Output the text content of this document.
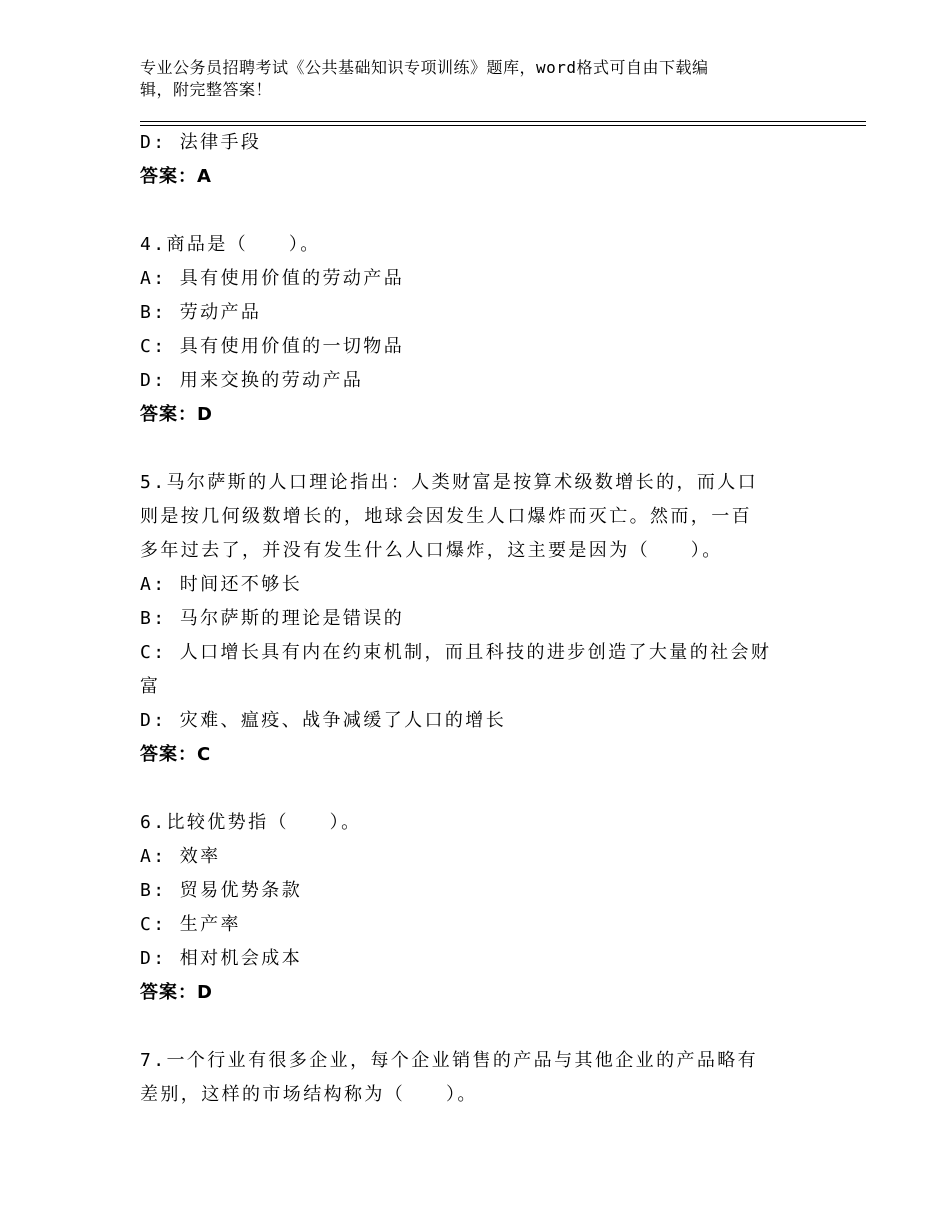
专业公务员招聘考试《公共基础知识专项训练》题库，word格式可自由下载编
辑，附完整答案！
D: 法律手段
答案：A
4.商品是（　　）。
A: 具有使用价值的劳动产品
B: 劳动产品
C: 具有使用价值的一切物品
D: 用来交换的劳动产品
答案：D
5.马尔萨斯的人口理论指出：人类财富是按算术级数增长的，而人口
则是按几何级数增长的，地球会因发生人口爆炸而灭亡。然而，一百
多年过去了，并没有发生什么人口爆炸，这主要是因为（　　）。
A: 时间还不够长
B: 马尔萨斯的理论是错误的
C: 人口增长具有内在约束机制，而且科技的进步创造了大量的社会财
富
D: 灾难、瘟疫、战争减缓了人口的增长
答案：C
6.比较优势指（　　）。
A: 效率
B: 贸易优势条款
C: 生产率
D: 相对机会成本
答案：D
7.一个行业有很多企业，每个企业销售的产品与其他企业的产品略有
差别，这样的市场结构称为（　　）。
